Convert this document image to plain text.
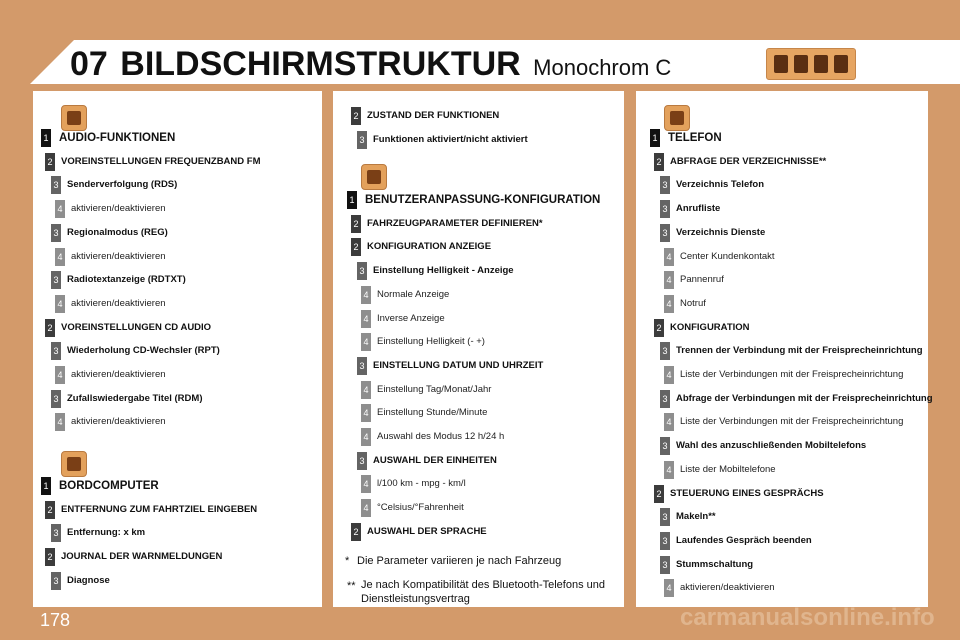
07 BILDSCHIRMSTRUKTUR Monochrom C
1 AUDIO-FUNKTIONEN
2 VOREINSTELLUNGEN FREQUENZBAND FM
3 Senderverfolgung (RDS)
4 aktivieren/deaktivieren
3 Regionalmodus (REG)
4 aktivieren/deaktivieren
3 Radiotextanzeige (RDTXT)
4 aktivieren/deaktivieren
2 VOREINSTELLUNGEN CD AUDIO
3 Wiederholung CD-Wechsler (RPT)
4 aktivieren/deaktivieren
3 Zufallswiedergabe Titel (RDM)
4 aktivieren/deaktivieren
1 BORDCOMPUTER
2 ENTFERNUNG ZUM FAHRTZIEL EINGEBEN
3 Entfernung: x km
2 JOURNAL DER WARNMELDUNGEN
3 Diagnose
2 ZUSTAND DER FUNKTIONEN
3 Funktionen aktiviert/nicht aktiviert
1 BENUTZERANPASSUNG-KONFIGURATION
2 FAHRZEUGPARAMETER DEFINIEREN*
2 KONFIGURATION ANZEIGE
3 Einstellung Helligkeit - Anzeige
4 Normale Anzeige
4 Inverse Anzeige
4 Einstellung Helligkeit (- +)
3 EINSTELLUNG DATUM UND UHRZEIT
4 Einstellung Tag/Monat/Jahr
4 Einstellung Stunde/Minute
4 Auswahl des Modus 12 h/24 h
3 AUSWAHL DER EINHEITEN
4 l/100 km - mpg - km/l
4 °Celsius/°Fahrenheit
2 AUSWAHL DER SPRACHE
* Die Parameter variieren je nach Fahrzeug
** Je nach Kompatibilität des Bluetooth-Telefons und Dienstleistungsvertrag
1 TELEFON
2 ABFRAGE DER VERZEICHNISSE**
3 Verzeichnis Telefon
3 Anrufliste
3 Verzeichnis Dienste
4 Center Kundenkontakt
4 Pannenruf
4 Notruf
2 KONFIGURATION
3 Trennen der Verbindung mit der Freisprecheinrichtung
4 Liste der Verbindungen mit der Freisprecheinrichtung
3 Abfrage der Verbindungen mit der Freisprecheinrichtung
4 Liste der Verbindungen mit der Freisprecheinrichtung
3 Wahl des anzuschließenden Mobiltelefons
4 Liste der Mobiltelefone
2 STEUERUNG EINES GESPRÄCHS
3 Makeln**
3 Laufendes Gespräch beenden
3 Stummschaltung
4 aktivieren/deaktivieren
178	carmanualsonline.info
